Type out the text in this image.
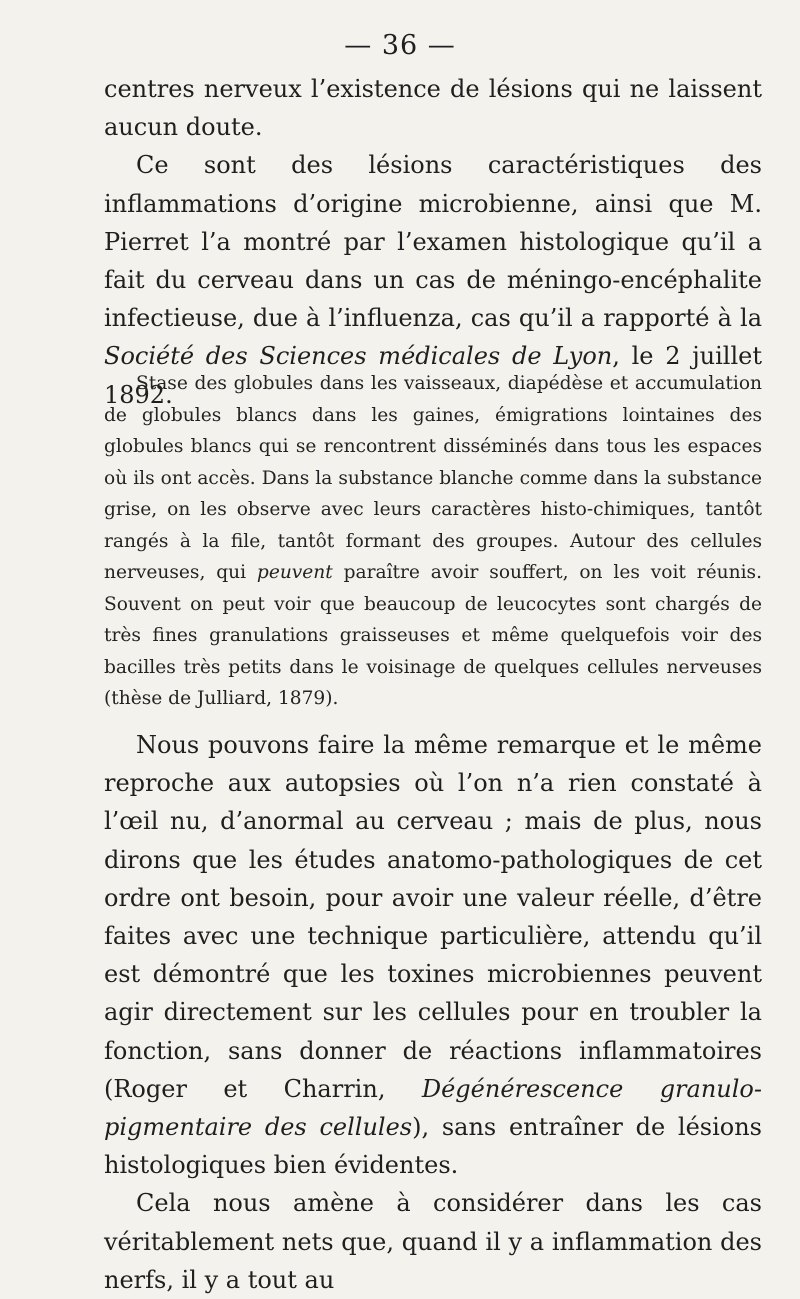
— 36 —

centres nerveux l’existence de lésions qui ne laissent aucun doute.

Ce sont des lésions caractéristiques des inflammations d’origine microbienne, ainsi que M. Pierret l’a montré par l’examen histologique qu’il a fait du cerveau dans un cas de méningo-encéphalite infectieuse, due à l’influenza, cas qu’il a rapporté à la Société des Sciences médicales de Lyon, le 2 juillet 1892.

Stase des globules dans les vaisseaux, diapédèse et accumulation de globules blancs dans les gaines, émigrations lointaines des globules blancs qui se rencontrent disséminés dans tous les espaces où ils ont accès. Dans la substance blanche comme dans la substance grise, on les observe avec leurs caractères histo-chimiques, tantôt rangés à la file, tantôt formant des groupes. Autour des cellules nerveuses, qui peuvent paraître avoir souffert, on les voit réunis. Souvent on peut voir que beaucoup de leucocytes sont chargés de très fines granulations graisseuses et même quelquefois voir des bacilles très petits dans le voisinage de quelques cellules nerveuses (thèse de Julliard, 1879).

Nous pouvons faire la même remarque et le même reproche aux autopsies où l’on n’a rien constaté à l’œil nu, d’anormal au cerveau ; mais de plus, nous dirons que les études anatomo-pathologiques de cet ordre ont besoin, pour avoir une valeur réelle, d’être faites avec une technique particulière, attendu qu’il est démontré que les toxines microbiennes peuvent agir directement sur les cellules pour en troubler la fonction, sans donner de réactions inflammatoires (Roger et Charrin, Dégénérescence granulo-pigmentaire des cellules), sans entraîner de lésions histologiques bien évidentes.

Cela nous amène à considérer dans les cas véritablement nets que, quand il y a inflammation des nerfs, il y a tout au
